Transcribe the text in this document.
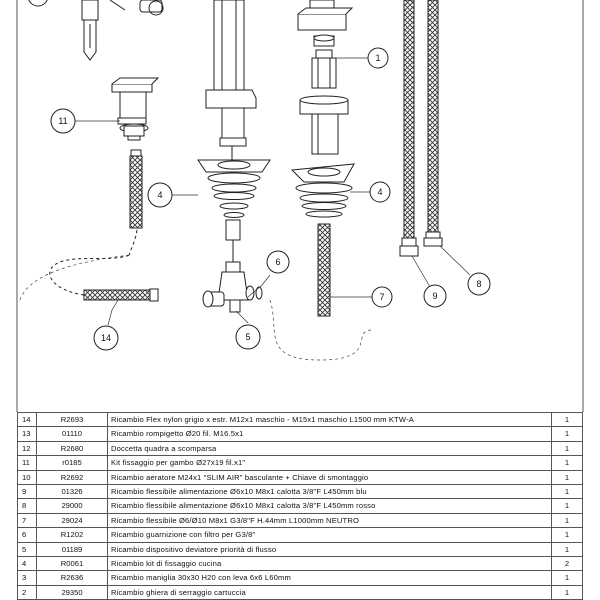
1
4	4
5
6
7
8
9
11
14
14	R2693	Ricambio Flex nylon grigio x estr. M12x1 maschio - M15x1 maschio L1500 mm KTW-A	1
13	01110	Ricambio rompigetto Ø20 fil. M16.5x1	1
12	R2680	Doccetta quadra a scomparsa	1
11	r0185	Kit fissaggio per gambo Ø27x19 fil.x1"	1
10	R2692	Ricambio aeratore M24x1 "SLIM AIR" basculante + Chiave di smontaggio	1
9	01326	Ricambio flessibile alimentazione Ø6x10 M8x1 calotta 3/8"F L450mm blu	1
8	29000	Ricambio flessibile alimentazione Ø6x10 M8x1 calotta 3/8"F L450mm rosso	1
7	29024	Ricambio flessibile Ø6/Ø10 M8x1 G3/8"F H.44mm L1000mm NEUTRO	1
6	R1202	Ricambio guarnizione con filtro per G3/8"	1
5	01189	Ricambio dispositivo deviatore priorità di flusso	1
4	R0061	Ricambio kit di fissaggio cucina	2
3	R2636	Ricambio maniglia 30x30 H20 con leva 6x6 L60mm	1
2	29350	Ricambio ghiera di serraggio cartuccia	1
